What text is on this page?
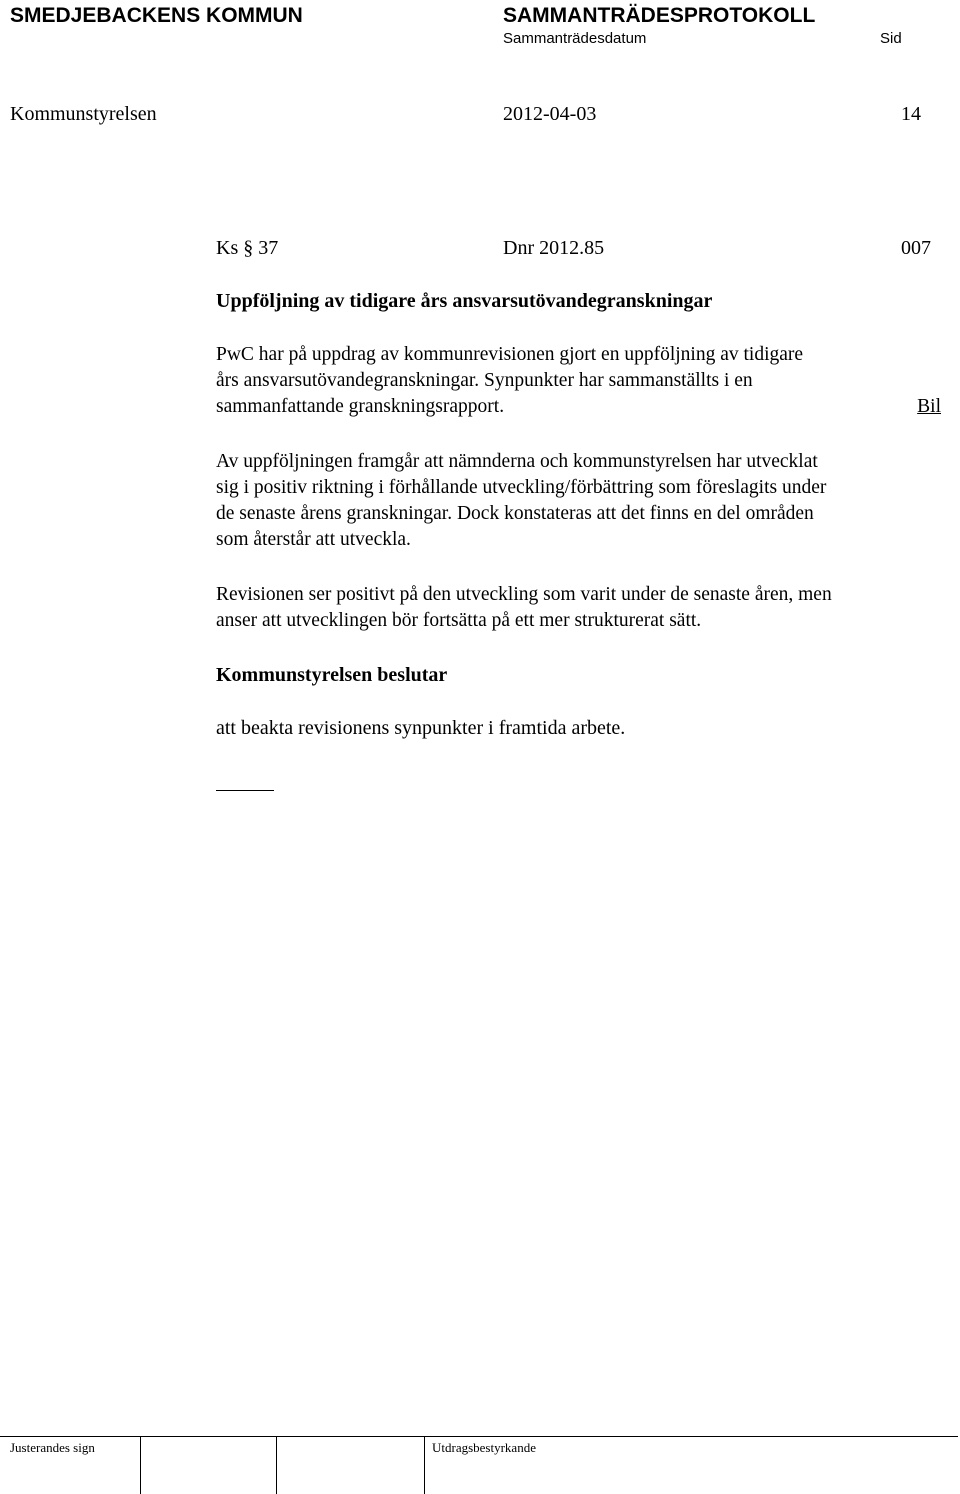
SMEDJEBACKENS KOMMUN	SAMMANTRÄDESPROTOKOLL
Sammanträdesdatum	Sid
Kommunstyrelsen	2012-04-03	14
Ks § 37	Dnr 2012.85	007
Uppföljning av tidigare års ansvarsutövandegranskningar
PwC har på uppdrag av kommunrevisionen gjort en uppföljning av tidigare
års ansvarsutövandegranskningar. Synpunkter har sammanställts i en
sammanfattande granskningsrapport.	Bil
Av uppföljningen framgår att nämnderna och kommunstyrelsen har utvecklat
sig i positiv riktning i förhållande utveckling/förbättring som föreslagits under
de senaste årens granskningar. Dock konstateras att det finns en del områden
som återstår att utveckla.
Revisionen ser positivt på den utveckling som varit under de senaste åren, men
anser att utvecklingen bör fortsätta på ett mer strukturerat sätt.
Kommunstyrelsen beslutar
att beakta revisionens synpunkter i framtida arbete.
Justerandes sign	Utdragsbestyrkande
